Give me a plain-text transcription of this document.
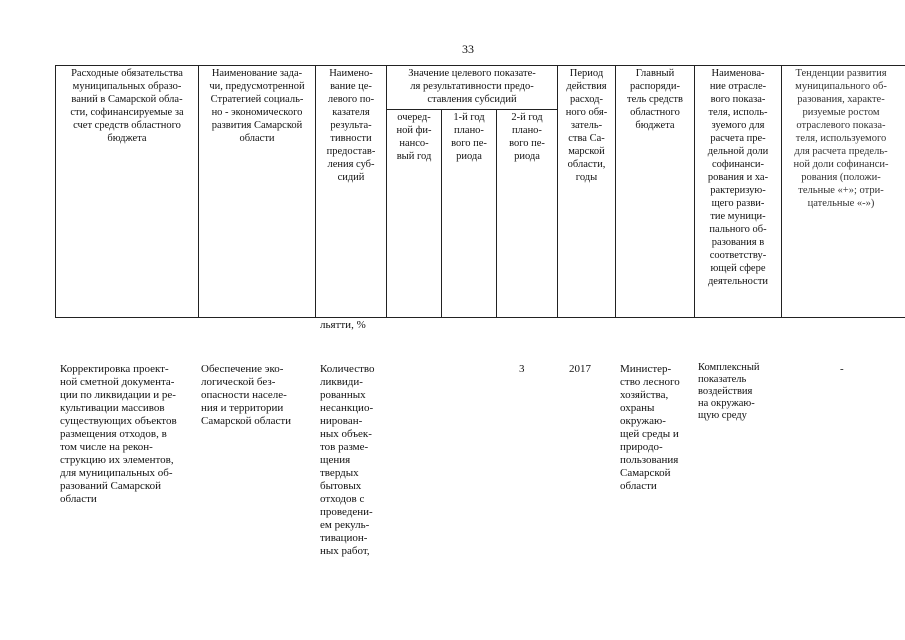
33
Расходные обязательства
муниципальных образо-
ваний в Самарской обла-
сти, софинансируемые за
счет средств областного
бюджета
Наименование зада-
чи, предусмотренной
Стратегией социаль-
но - экономического
развития Самарской
области
Наимено-
вание це-
левого по-
казателя
результа-
тивности
предостав-
ления суб-
сидий
Значение целевого показате-
ля результативности предо-
ставления субсидий
очеред-
ной фи-
нансо-
вый год
1-й год
плано-
вого пе-
риода
2-й год
плано-
вого пе-
риода
Период
действия
расход-
ного обя-
затель-
ства Са-
марской
области,
годы
Главный
распоряди-
тель средств
областного
бюджета
Наименова-
ние отрасле-
вого показа-
теля, исполь-
зуемого для
расчета пре-
дельной доли
софинанси-
рования и ха-
рактеризую-
щего разви-
тие муници-
пального об-
разования в
соответству-
ющей сфере
деятельности
Тенденции развития
муниципального об-
разования, характе-
ризуемые ростом
отраслевого показа-
теля, используемого
для расчета предель-
ной доли софинанси-
рования (положи-
тельные «+»; отри-
цательные «-»)
льятти, %
Корректировка проект-
ной сметной документа-
ции по ликвидации и ре-
культивации массивов
существующих объектов
размещения отходов, в
том числе на рекон-
струкцию их элементов,
для муниципальных об-
разований Самарской
области
Обеспечение эко-
логической без-
опасности населе-
ния и территории
Самарской области
Количество
ликвиди-
рованных
несанкцио-
нирован-
ных объек-
тов разме-
щения
твердых
бытовых
отходов с
проведени-
ем рекуль-
тивацион-
ных работ,
3	2017	Министер-
ство лесного
хозяйства,
охраны
окружаю-
щей среды и
природо-
пользования
Самарской
области
Комплексный
показатель
воздействия
на окружаю-
щую среду
-
